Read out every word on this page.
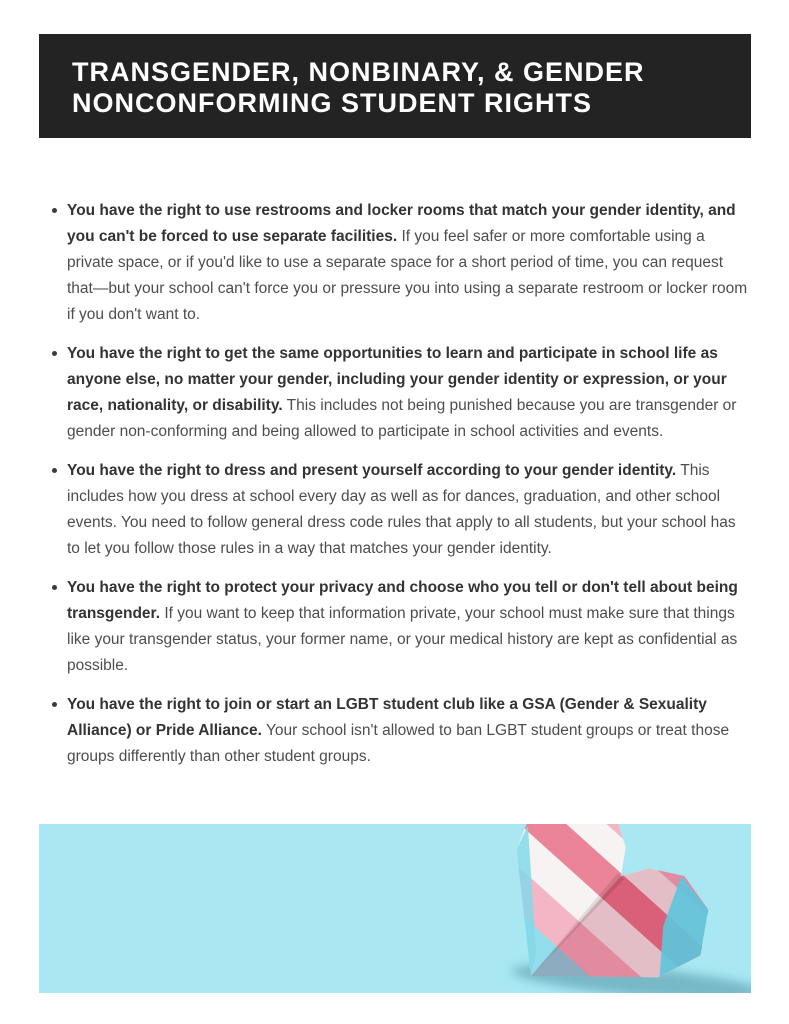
TRANSGENDER, NONBINARY, & GENDER
NONCONFORMING STUDENT RIGHTS
You have the right to use restrooms and locker rooms that match your gender identity, and you can't be forced to use separate facilities. If you feel safer or more comfortable using a private space, or if you'd like to use a separate space for a short period of time, you can request that—but your school can't force you or pressure you into using a separate restroom or locker room if you don't want to.
You have the right to get the same opportunities to learn and participate in school life as anyone else, no matter your gender, including your gender identity or expression, or your race, nationality, or disability. This includes not being punished because you are transgender or gender non-conforming and being allowed to participate in school activities and events.
You have the right to dress and present yourself according to your gender identity. This includes how you dress at school every day as well as for dances, graduation, and other school events. You need to follow general dress code rules that apply to all students, but your school has to let you follow those rules in a way that matches your gender identity.
You have the right to protect your privacy and choose who you tell or don't tell about being transgender. If you want to keep that information private, your school must make sure that things like your transgender status, your former name, or your medical history are kept as confidential as possible.
You have the right to join or start an LGBT student club like a GSA (Gender & Sexuality Alliance) or Pride Alliance. Your school isn't allowed to ban LGBT student groups or treat those groups differently than other student groups.
